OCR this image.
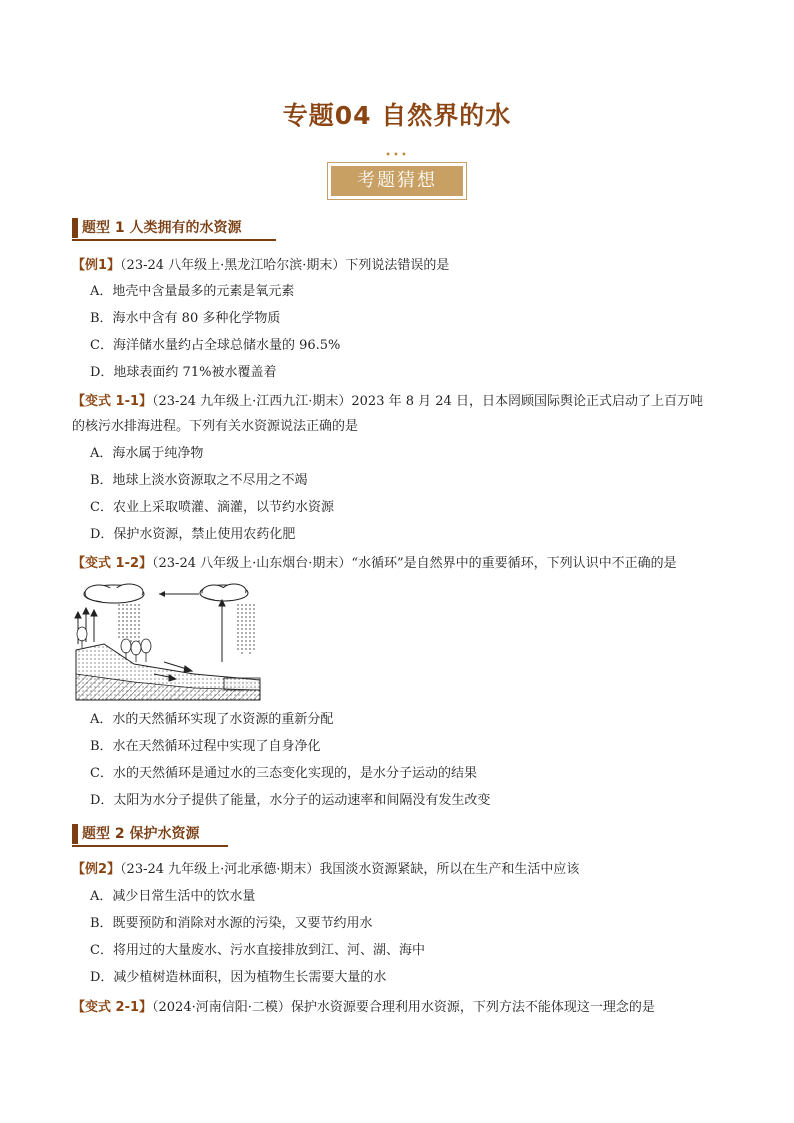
专题04 自然界的水
•••
考题猜想
题型 1 人类拥有的水资源
【例1】（23-24 八年级上·黑龙江哈尔滨·期末）下列说法错误的是
A．地壳中含量最多的元素是氧元素
B．海水中含有 80 多种化学物质
C．海洋储水量约占全球总储水量的 96.5%
D．地球表面约 71%被水覆盖着
【变式 1-1】（23-24 九年级上·江西九江·期末）2023 年 8 月 24 日，日本罔顾国际舆论正式启动了上百万吨
的核污水排海进程。下列有关水资源说法正确的是
A．海水属于纯净物
B．地球上淡水资源取之不尽用之不竭
C．农业上采取喷灌、滴灌，以节约水资源
D．保护水资源，禁止使用农药化肥
【变式 1-2】（23-24 八年级上·山东烟台·期末）“水循环”是自然界中的重要循环，下列认识中不正确的是
A．水的天然循环实现了水资源的重新分配
B．水在天然循环过程中实现了自身净化
C．水的天然循环是通过水的三态变化实现的，是水分子运动的结果
D．太阳为水分子提供了能量，水分子的运动速率和间隔没有发生改变
题型 2 保护水资源
【例2】（23-24 九年级上·河北承德·期末）我国淡水资源紧缺，所以在生产和生活中应该
A．减少日常生活中的饮水量
B．既要预防和消除对水源的污染，又要节约用水
C．将用过的大量废水、污水直接排放到江、河、湖、海中
D．减少植树造林面积，因为植物生长需要大量的水
【变式 2-1】（2024·河南信阳·二模）保护水资源要合理利用水资源，下列方法不能体现这一理念的是
